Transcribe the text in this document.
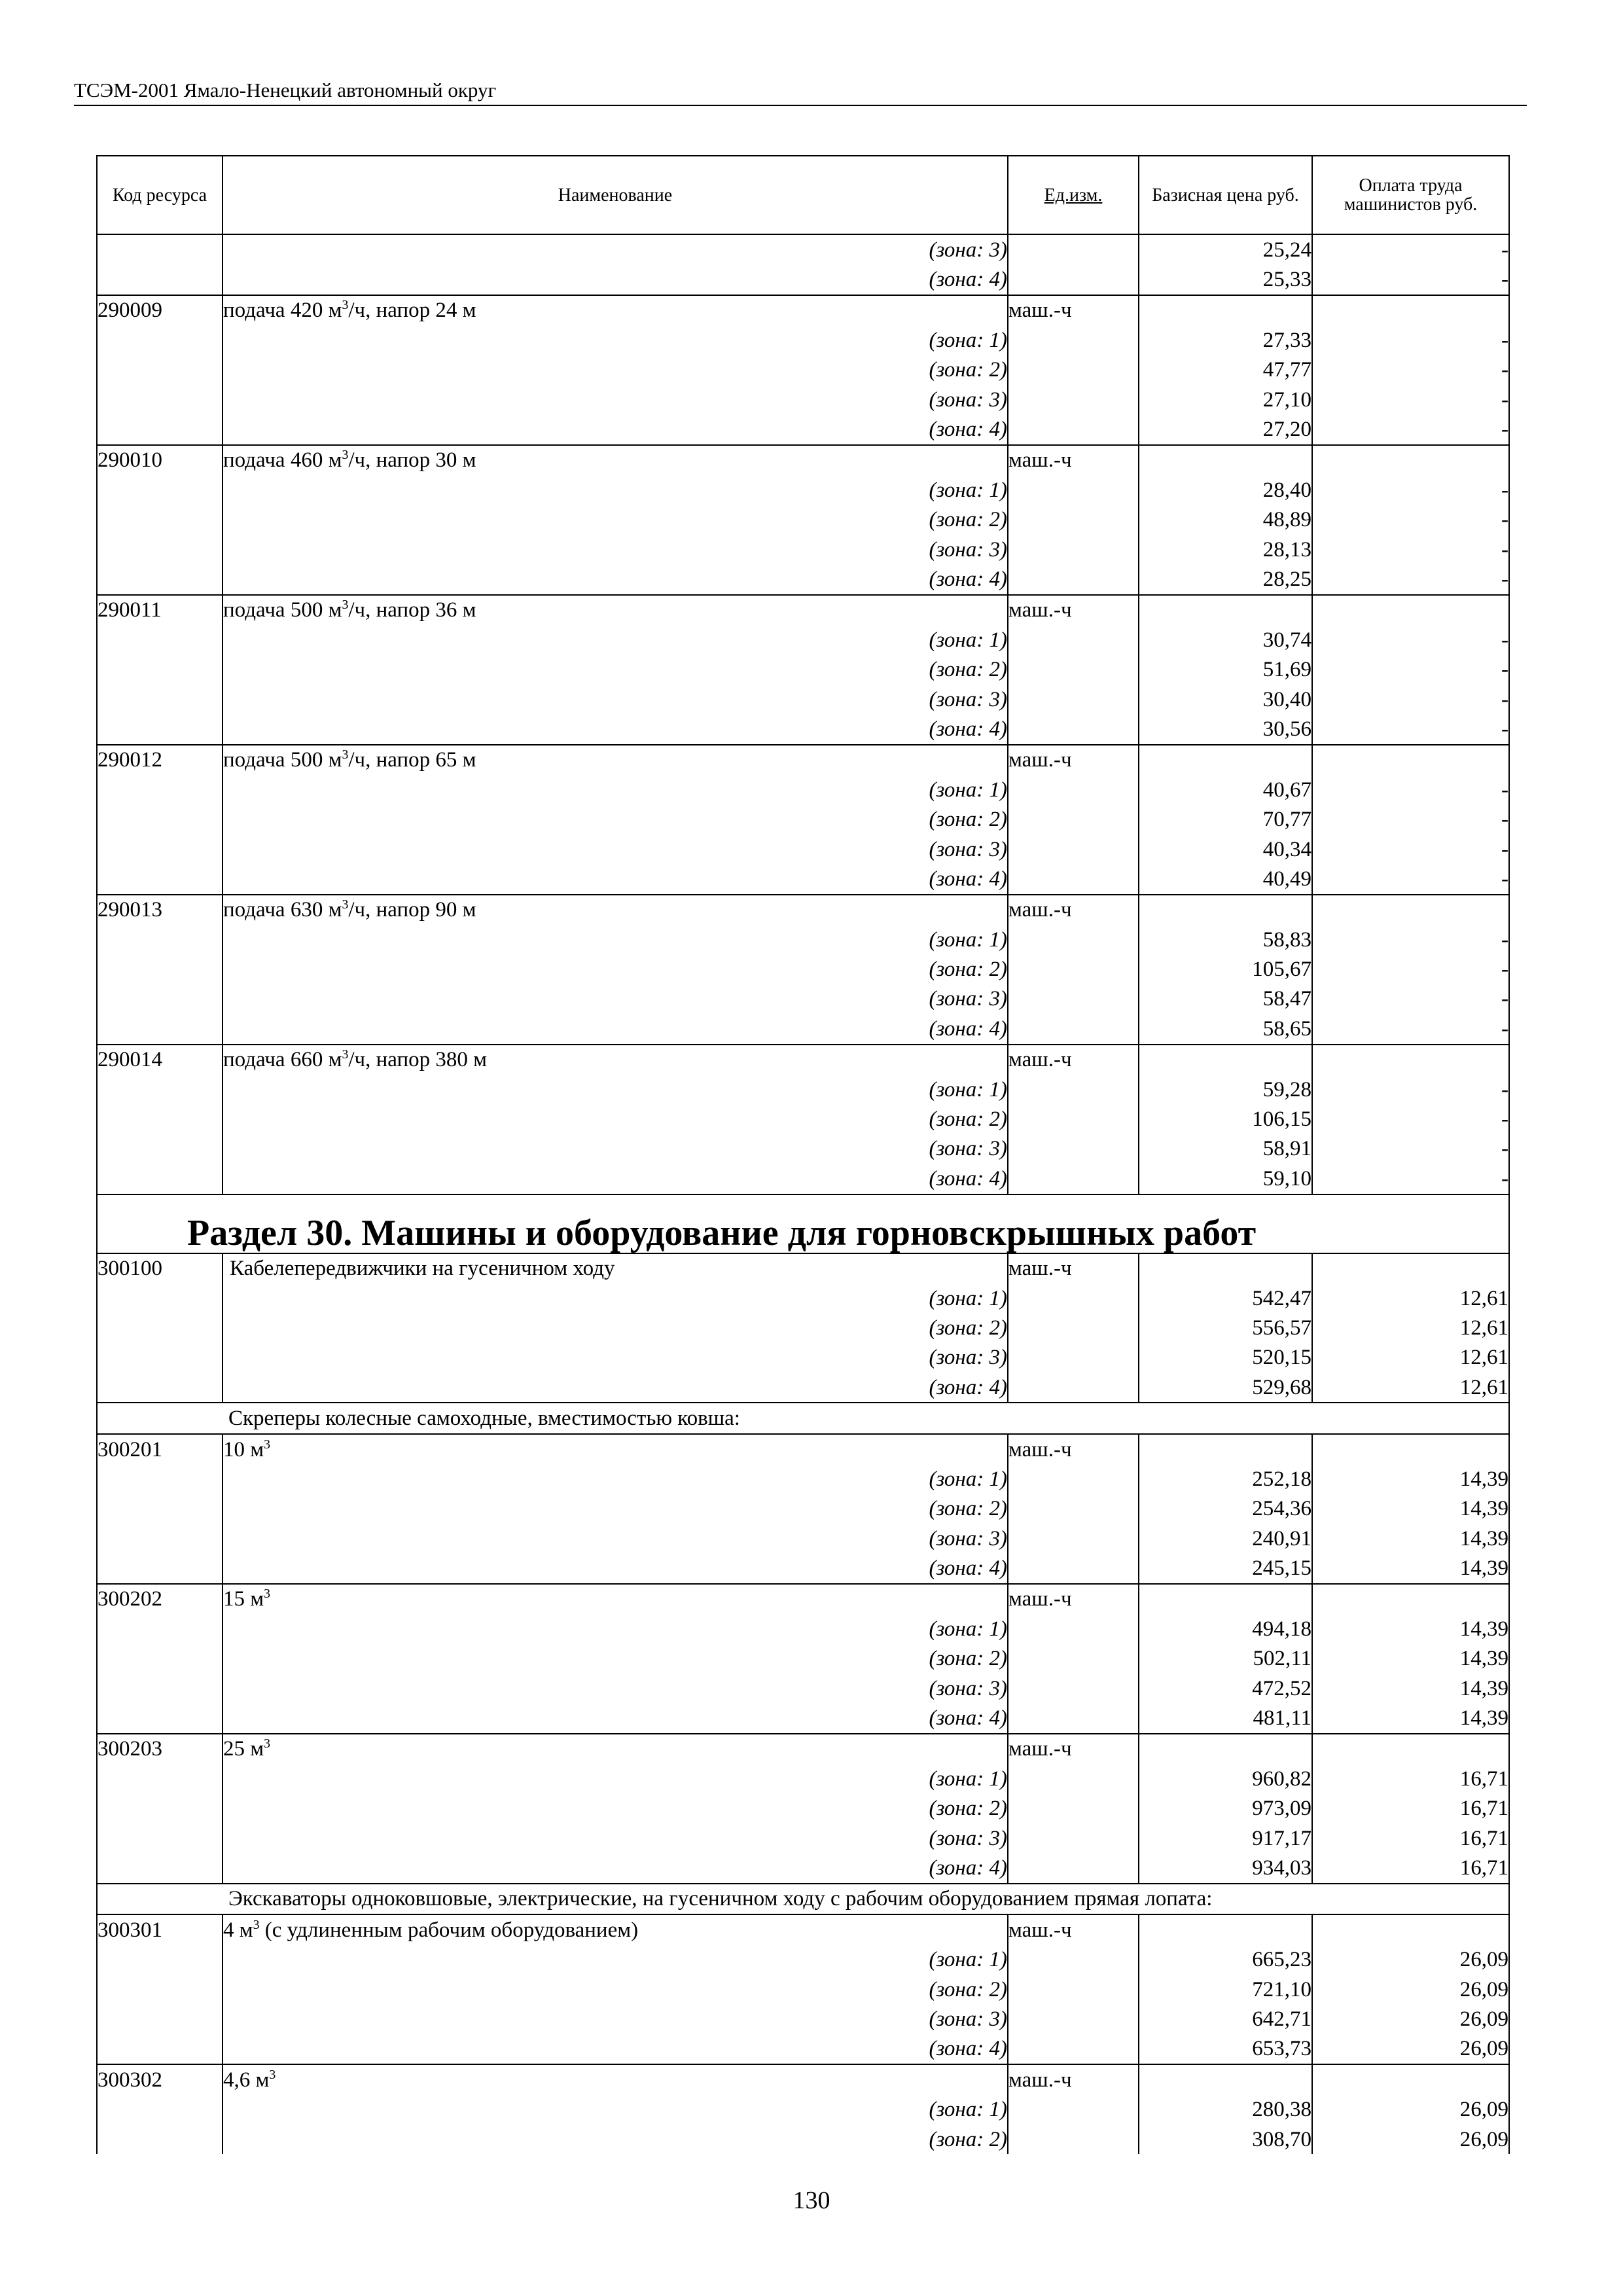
ТСЭМ-2001 Ямало-Ненецкий автономный округ
Код ресурса	Наименование	Ед.изм.	Базисная цена руб.	Оплата труда машинистов руб.
	(зона: 3)		25,24	-
	(зона: 4)		25,33	-
290009	подача 420 $м^3/ч$, напор 24 м	маш.-ч		
	(зона: 1)		27,33	-
	(зона: 2)		47,77	-
	(зона: 3)		27,10	-
	(зона: 4)		27,20	-
290010	подача 460 $м^3/ч$, напор 30 м	маш.-ч		
	(зона: 1)		28,40	-
	(зона: 2)		48,89	-
	(зона: 3)		28,13	-
	(зона: 4)		28,25	-
290011	подача 500 $м^3/ч$, напор 36 м	маш.-ч		
	(зона: 1)		30,74	-
	(зона: 2)		51,69	-
	(зона: 3)		30,40	-
	(зона: 4)		30,56	-
290012	подача 500 $м^3/ч$, напор 65 м	маш.-ч		
	(зона: 1)		40,67	-
	(зона: 2)		70,77	-
	(зона: 3)		40,34	-
	(зона: 4)		40,49	-
290013	подача 630 $м^3/ч$, напор 90 м	маш.-ч		
	(зона: 1)		58,83	-
	(зона: 2)		105,67	-
	(зона: 3)		58,47	-
	(зона: 4)		58,65	-
290014	подача 660 $м^3/ч$, напор 380 м	маш.-ч		
	(зона: 1)		59,28	-
	(зона: 2)		106,15	-
	(зона: 3)		58,91	-
	(зона: 4)		59,10	-
Раздел 30. Машины и оборудование для горновскрышных работ				
300100	Кабелепередвижчики на гусеничном ходу	маш.-ч		
	(зона: 1)		542,47	12,61
	(зона: 2)		556,57	12,61
	(зона: 3)		520,15	12,61
	(зона: 4)		529,68	12,61
Скреперы колесные самоходные, вместимостью ковша:				
300201	10 $м^3$	маш.-ч		
	(зона: 1)		252,18	14,39
	(зона: 2)		254,36	14,39
	(зона: 3)		240,91	14,39
	(зона: 4)		245,15	14,39
300202	15 $м^3$	маш.-ч		
	(зона: 1)		494,18	14,39
	(зона: 2)		502,11	14,39
	(зона: 3)		472,52	14,39
	(зона: 4)		481,11	14,39
300203	25 $м^3$	маш.-ч		
	(зона: 1)		960,82	16,71
	(зона: 2)		973,09	16,71
	(зона: 3)		917,17	16,71
	(зона: 4)		934,03	16,71
Экскаваторы одноковшовые, электрические, на гусеничном ходу с рабочим оборудованием прямая лопата:				
300301	4 $м^3$ (с удлиненным рабочим оборудованием)	маш.-ч		
	(зона: 1)		665,23	26,09
	(зона: 2)		721,10	26,09
	(зона: 3)		642,71	26,09
	(зона: 4)		653,73	26,09
300302	4,6 $м^3$	маш.-ч		
	(зона: 1)		280,38	26,09
	(зона: 2)		308,70	26,09
130
